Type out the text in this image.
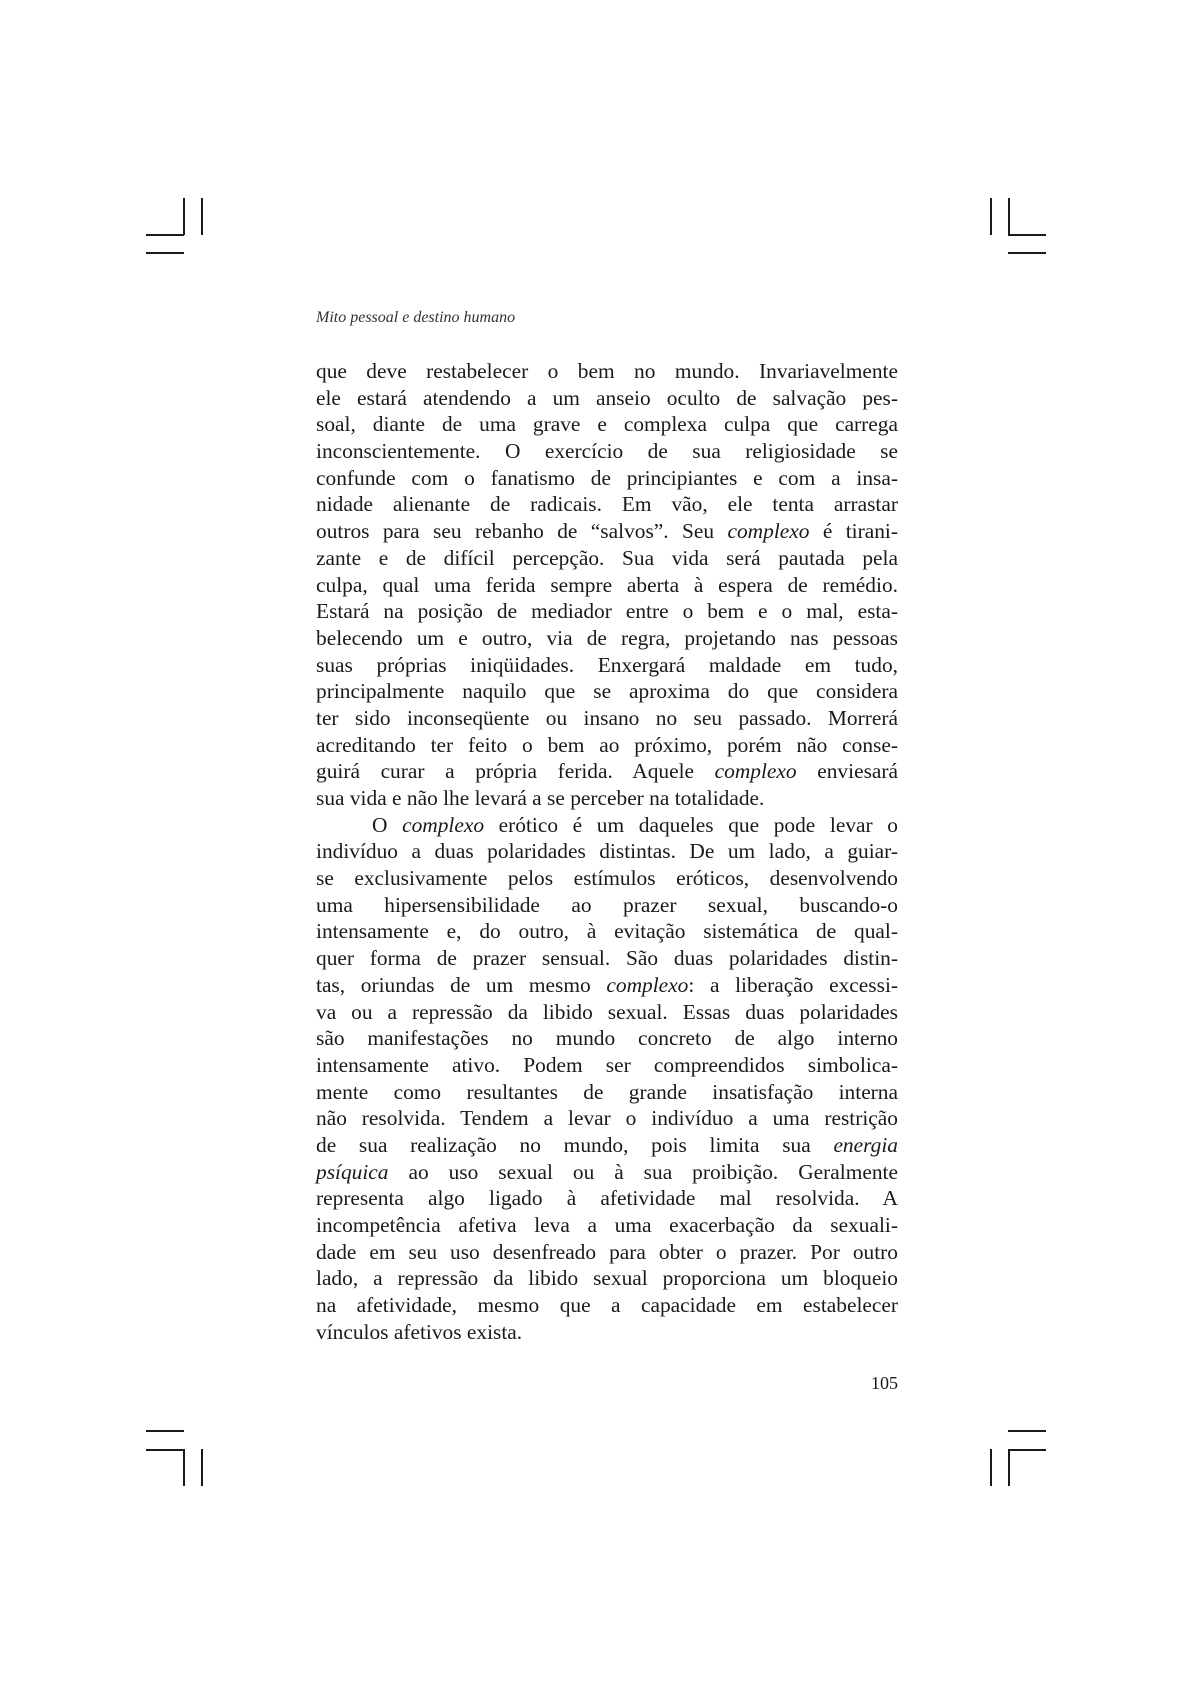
Mito pessoal e destino humano

que deve restabelecer o bem no mundo. Invariavelmente
ele estará atendendo a um anseio oculto de salvação pes-
soal, diante de uma grave e complexa culpa que carrega
inconscientemente. O exercício de sua religiosidade se
confunde com o fanatismo de principiantes e com a insa-
nidade alienante de radicais. Em vão, ele tenta arrastar
outros para seu rebanho de “salvos”. Seu complexo é tirani-
zante e de difícil percepção. Sua vida será pautada pela
culpa, qual uma ferida sempre aberta à espera de remédio.
Estará na posição de mediador entre o bem e o mal, esta-
belecendo um e outro, via de regra, projetando nas pessoas
suas próprias iniqüidades. Enxergará maldade em tudo,
principalmente naquilo que se aproxima do que considera
ter sido inconseqüente ou insano no seu passado. Morrerá
acreditando ter feito o bem ao próximo, porém não conse-
guirá curar a própria ferida. Aquele complexo enviesará
sua vida e não lhe levará a se perceber na totalidade.
O complexo erótico é um daqueles que pode levar o
indivíduo a duas polaridades distintas. De um lado, a guiar-
se exclusivamente pelos estímulos eróticos, desenvolvendo
uma hipersensibilidade ao prazer sexual, buscando-o
intensamente e, do outro, à evitação sistemática de qual-
quer forma de prazer sensual. São duas polaridades distin-
tas, oriundas de um mesmo complexo: a liberação excessi-
va ou a repressão da libido sexual. Essas duas polaridades
são manifestações no mundo concreto de algo interno
intensamente ativo. Podem ser compreendidos simbolica-
mente como resultantes de grande insatisfação interna
não resolvida. Tendem a levar o indivíduo a uma restrição
de sua realização no mundo, pois limita sua energia
psíquica ao uso sexual ou à sua proibição. Geralmente
representa algo ligado à afetividade mal resolvida. A
incompetência afetiva leva a uma exacerbação da sexuali-
dade em seu uso desenfreado para obter o prazer. Por outro
lado, a repressão da libido sexual proporciona um bloqueio
na afetividade, mesmo que a capacidade em estabelecer
vínculos afetivos exista.

105
